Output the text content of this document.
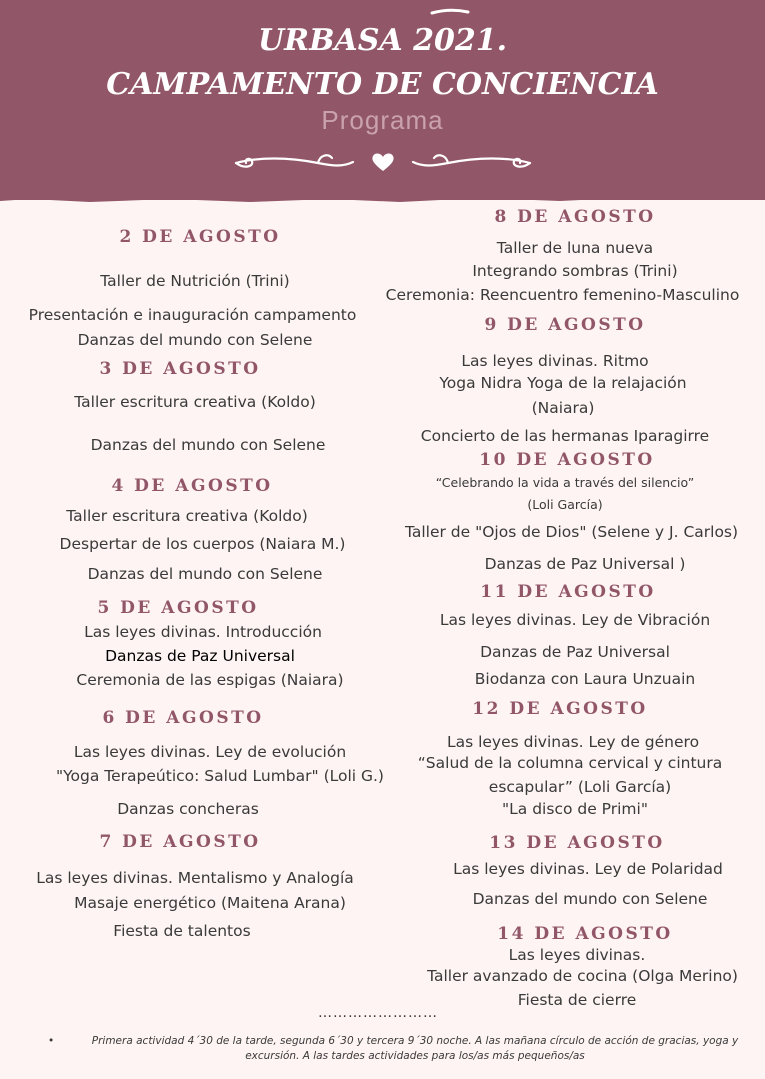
URBASA 2021.
CAMPAMENTO DE CONCIENCIA
Programa
2 DE AGOSTO
Taller de Nutrición (Trini)
Presentación e inauguración campamento
Danzas del mundo con Selene
3 DE AGOSTO
Taller escritura creativa (Koldo)
Danzas del mundo con Selene
4 DE AGOSTO
Taller escritura creativa (Koldo)
Despertar de los cuerpos (Naiara M.)
Danzas del mundo con Selene
5 DE AGOSTO
Las leyes divinas. Introducción
Danzas de Paz Universal
Ceremonia de las espigas (Naiara)
6 DE AGOSTO
Las leyes divinas. Ley de evolución
"Yoga Terapeútico: Salud Lumbar" (Loli G.)
Danzas concheras
7 DE AGOSTO
Las leyes divinas. Mentalismo y Analogía
Masaje energético (Maitena Arana)
Fiesta de talentos
8 DE AGOSTO
Taller de luna nueva
Integrando sombras (Trini)
Ceremonia: Reencuentro femenino-Masculino
9 DE AGOSTO
Las leyes divinas. Ritmo
Yoga Nidra Yoga de la relajación
(Naiara)
Concierto de las hermanas Iparagirre
10 DE AGOSTO
“Celebrando la vida a través del silencio”
(Loli García)
Taller de "Ojos de Dios" (Selene y J. Carlos)
Danzas de Paz Universal )
11 DE AGOSTO
Las leyes divinas. Ley de Vibración
Danzas de Paz Universal
Biodanza con Laura Unzuain
12 DE AGOSTO
Las leyes divinas. Ley de género
“Salud de la columna cervical y cintura
escapular” (Loli García)
"La disco de Primi"
13 DE AGOSTO
Las leyes divinas. Ley de Polaridad
Danzas del mundo con Selene
14 DE AGOSTO
Las leyes divinas.
Taller avanzado de cocina (Olga Merino)
Fiesta de cierre
……………………
•	Primera actividad 4´30 de la tarde, segunda 6´30 y tercera 9´30 noche. A las mañana círculo de acción de gracias, yoga y excursión. A las tardes actividades para los/as más pequeños/as
